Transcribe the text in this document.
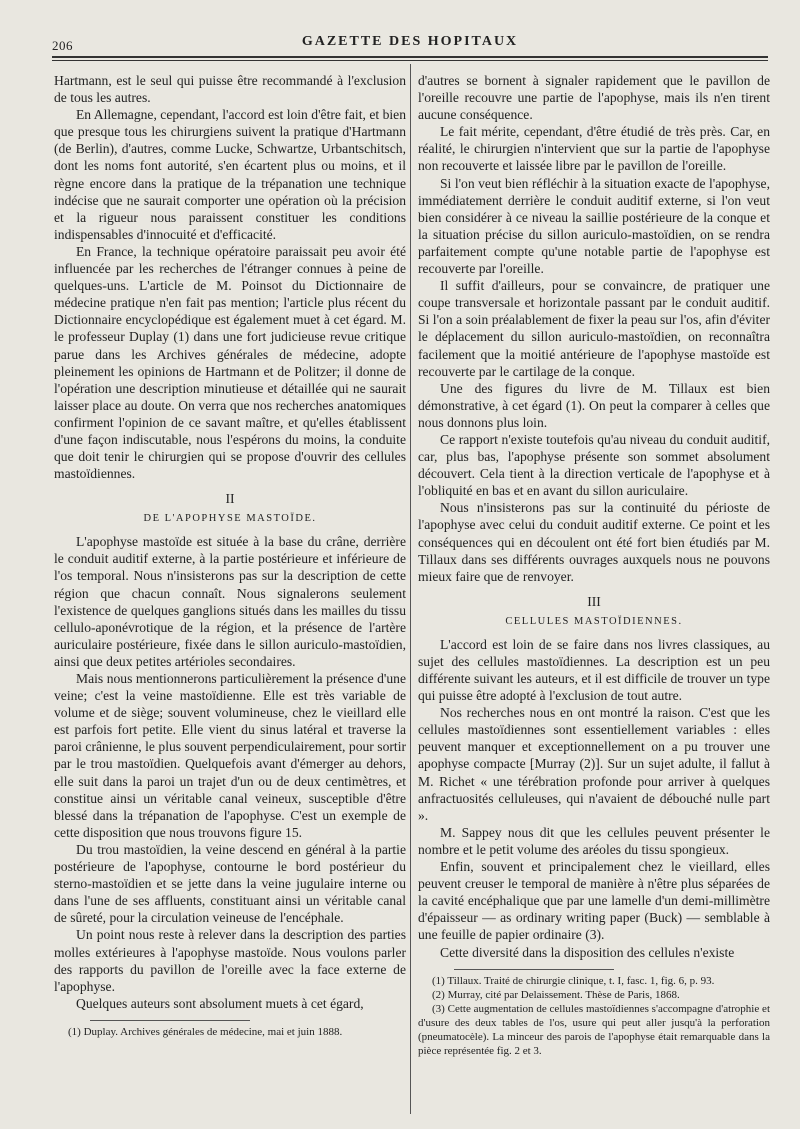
206	GAZETTE DES HOPITAUX

Hartmann, est le seul qui puisse être recommandé à l'exclusion de tous les autres.

En Allemagne, cependant, l'accord est loin d'être fait, et bien que presque tous les chirurgiens suivent la pratique d'Hartmann (de Berlin), d'autres, comme Lucke, Schwartze, Urbantschitsch, dont les noms font autorité, s'en écartent plus ou moins, et il règne encore dans la pratique de la trépanation une technique indécise que ne saurait comporter une opération où la précision et la rigueur nous paraissent constituer les conditions indispensables d'innocuité et d'efficacité.

En France, la technique opératoire paraissait peu avoir été influencée par les recherches de l'étranger connues à peine de quelques-uns. L'article de M. Poinsot du Dictionnaire de médecine pratique n'en fait pas mention; l'article plus récent du Dictionnaire encyclopédique est également muet à cet égard. M. le professeur Duplay (1) dans une fort judicieuse revue critique parue dans les Archives générales de médecine, adopte pleinement les opinions de Hartmann et de Politzer; il donne de l'opération une description minutieuse et détaillée qui ne saurait laisser place au doute. On verra que nos recherches anatomiques confirment l'opinion de ce savant maître, et qu'elles établissent d'une façon indiscutable, nous l'espérons du moins, la conduite que doit tenir le chirurgien qui se propose d'ouvrir des cellules mastoïdiennes.

II
DE L'APOPHYSE MASTOÏDE.

L'apophyse mastoïde est située à la base du crâne, derrière le conduit auditif externe, à la partie postérieure et inférieure de l'os temporal. Nous n'insisterons pas sur la description de cette région que chacun connaît. Nous signalerons seulement l'existence de quelques ganglions situés dans les mailles du tissu cellulo-aponévrotique de la région, et la présence de l'artère auriculaire postérieure, fixée dans le sillon auriculo-mastoïdien, ainsi que deux petites artérioles secondaires.

Mais nous mentionnerons particulièrement la présence d'une veine; c'est la veine mastoïdienne. Elle est très variable de volume et de siège; souvent volumineuse, chez le vieillard elle est parfois fort petite. Elle vient du sinus latéral et traverse la paroi crânienne, le plus souvent perpendiculairement, pour sortir par le trou mastoïdien. Quelquefois avant d'émerger au dehors, elle suit dans la paroi un trajet d'un ou de deux centimètres, et constitue ainsi un véritable canal veineux, susceptible d'être blessé dans la trépanation de l'apophyse. C'est un exemple de cette disposition que nous trouvons figure 15.

Du trou mastoïdien, la veine descend en général à la partie postérieure de l'apophyse, contourne le bord postérieur du sterno-mastoïdien et se jette dans la veine jugulaire interne ou dans l'une de ses affluents, constituant ainsi un véritable canal de sûreté, pour la circulation veineuse de l'encéphale.

Un point nous reste à relever dans la description des parties molles extérieures à l'apophyse mastoïde. Nous voulons parler des rapports du pavillon de l'oreille avec la face externe de l'apophyse.

Quelques auteurs sont absolument muets à cet égard,

(1) Duplay. Archives générales de médecine, mai et juin 1888.

d'autres se bornent à signaler rapidement que le pavillon de l'oreille recouvre une partie de l'apophyse, mais ils n'en tirent aucune conséquence.

Le fait mérite, cependant, d'être étudié de très près. Car, en réalité, le chirurgien n'intervient que sur la partie de l'apophyse non recouverte et laissée libre par le pavillon de l'oreille.

Si l'on veut bien réfléchir à la situation exacte de l'apophyse, immédiatement derrière le conduit auditif externe, si l'on veut bien considérer à ce niveau la saillie postérieure de la conque et la situation précise du sillon auriculo-mastoïdien, on se rendra parfaitement compte qu'une notable partie de l'apophyse est recouverte par l'oreille.

Il suffit d'ailleurs, pour se convaincre, de pratiquer une coupe transversale et horizontale passant par le conduit auditif. Si l'on a soin préalablement de fixer la peau sur l'os, afin d'éviter le déplacement du sillon auriculo-mastoïdien, on reconnaîtra facilement que la moitié antérieure de l'apophyse mastoïde est recouverte par le cartilage de la conque.

Une des figures du livre de M. Tillaux est bien démonstrative, à cet égard (1). On peut la comparer à celles que nous donnons plus loin.

Ce rapport n'existe toutefois qu'au niveau du conduit auditif, car, plus bas, l'apophyse présente son sommet absolument découvert. Cela tient à la direction verticale de l'apophyse et à l'obliquité en bas et en avant du sillon auriculaire.

Nous n'insisterons pas sur la continuité du périoste de l'apophyse avec celui du conduit auditif externe. Ce point et les conséquences qui en découlent ont été fort bien étudiés par M. Tillaux dans ses différents ouvrages auxquels nous ne pouvons mieux faire que de renvoyer.

III
CELLULES MASTOÏDIENNES.

L'accord est loin de se faire dans nos livres classiques, au sujet des cellules mastoïdiennes. La description est un peu différente suivant les auteurs, et il est difficile de trouver un type qui puisse être adopté à l'exclusion de tout autre.

Nos recherches nous en ont montré la raison. C'est que les cellules mastoïdiennes sont essentiellement variables : elles peuvent manquer et exceptionnellement on a pu trouver une apophyse compacte [Murray (2)]. Sur un sujet adulte, il fallut à M. Richet « une térébration profonde pour arriver à quelques anfractuosités celluleuses, qui n'avaient de débouché nulle part ».

M. Sappey nous dit que les cellules peuvent présenter le nombre et le petit volume des aréoles du tissu spongieux.

Enfin, souvent et principalement chez le vieillard, elles peuvent creuser le temporal de manière à n'être plus séparées de la cavité encéphalique que par une lamelle d'un demi-millimètre d'épaisseur — as ordinary writing paper (Buck) — semblable à une feuille de papier ordinaire (3).

Cette diversité dans la disposition des cellules n'existe

(1) Tillaux. Traité de chirurgie clinique, t. I, fasc. 1, fig. 6, p. 93.
(2) Murray, cité par Delaissement. Thèse de Paris, 1868.
(3) Cette augmentation de cellules mastoïdiennes s'accompagne d'atrophie et d'usure des deux tables de l'os, usure qui peut aller jusqu'à la perforation (pneumatocèle). La minceur des parois de l'apophyse était remarquable dans la pièce représentée fig. 2 et 3.
